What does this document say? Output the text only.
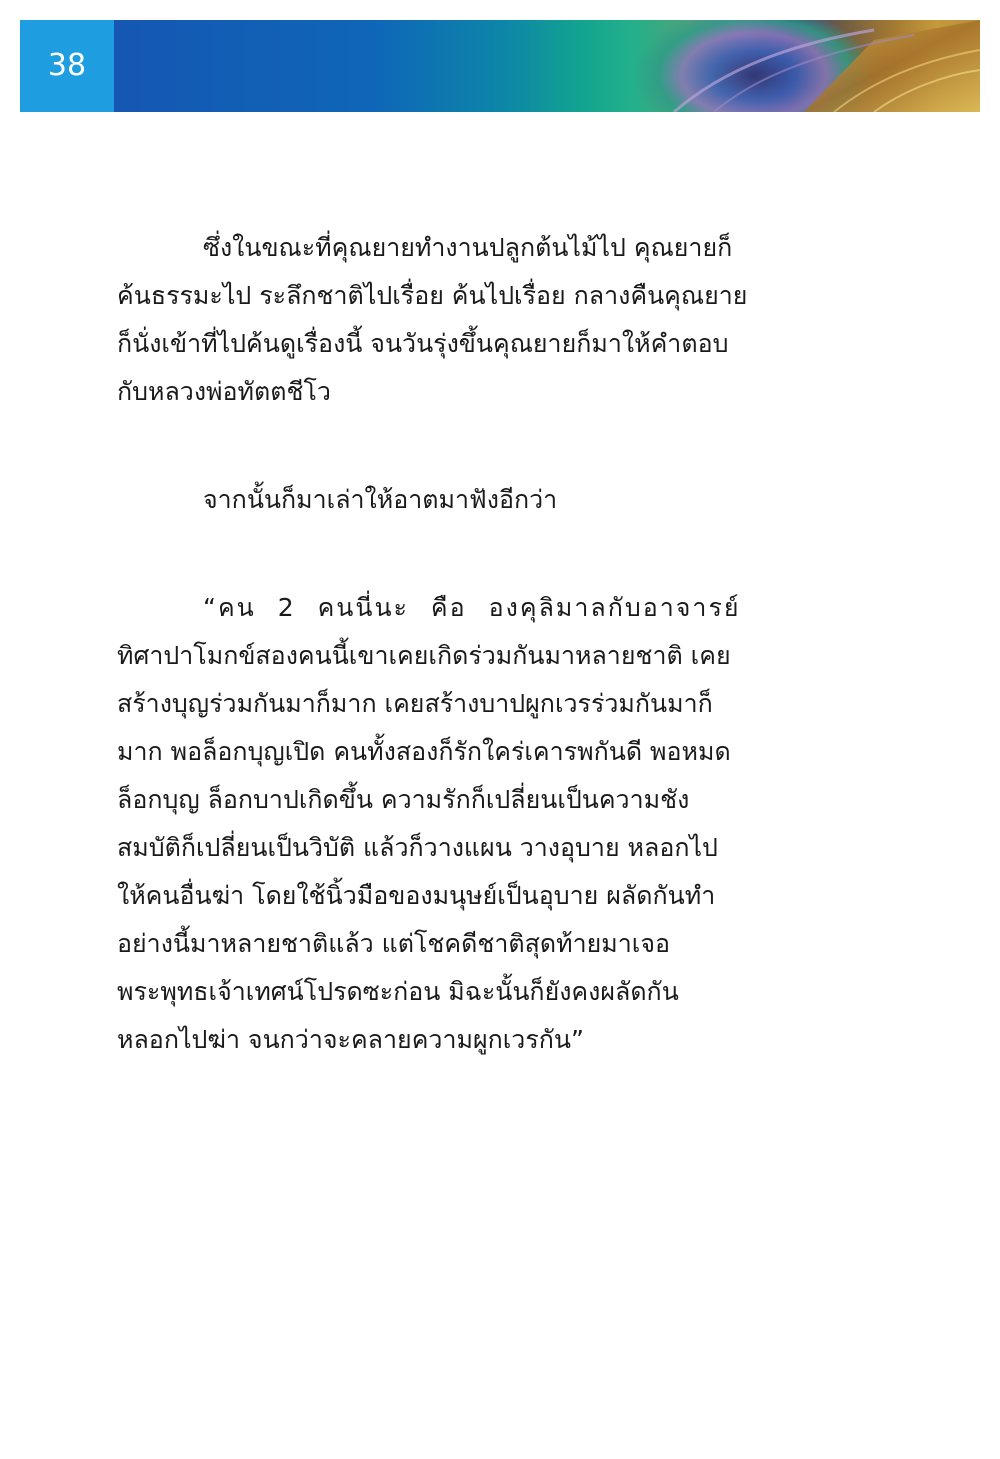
38
ซึ่งในขณะที่คุณยายทำงานปลูกต้นไม้ไป คุณยายก็
ค้นธรรมะไป ระลึกชาติไปเรื่อย ค้นไปเรื่อย กลางคืนคุณยาย
ก็นั่งเข้าที่ไปค้นดูเรื่องนี้ จนวันรุ่งขึ้นคุณยายก็มาให้คำตอบ
กับหลวงพ่อทัตตชีโว
จากนั้นก็มาเล่าให้อาตมาฟังอีกว่า
“คน 2 คนนี่นะ คือ องคุลิมาลกับอาจารย์
ทิศาปาโมกข์สองคนนี้เขาเคยเกิดร่วมกันมาหลายชาติ เคย
สร้างบุญร่วมกันมาก็มาก เคยสร้างบาปผูกเวรร่วมกันมาก็
มาก พอล็อกบุญเปิด คนทั้งสองก็รักใคร่เคารพกันดี พอหมด
ล็อกบุญ ล็อกบาปเกิดขึ้น ความรักก็เปลี่ยนเป็นความชัง
สมบัติก็เปลี่ยนเป็นวิบัติ แล้วก็วางแผน วางอุบาย หลอกไป
ให้คนอื่นฆ่า โดยใช้นิ้วมือของมนุษย์เป็นอุบาย ผลัดกันทำ
อย่างนี้มาหลายชาติแล้ว แต่โชคดีชาติสุดท้ายมาเจอ
พระพุทธเจ้าเทศน์โปรดซะก่อน มิฉะนั้นก็ยังคงผลัดกัน
หลอกไปฆ่า จนกว่าจะคลายความผูกเวรกัน”
